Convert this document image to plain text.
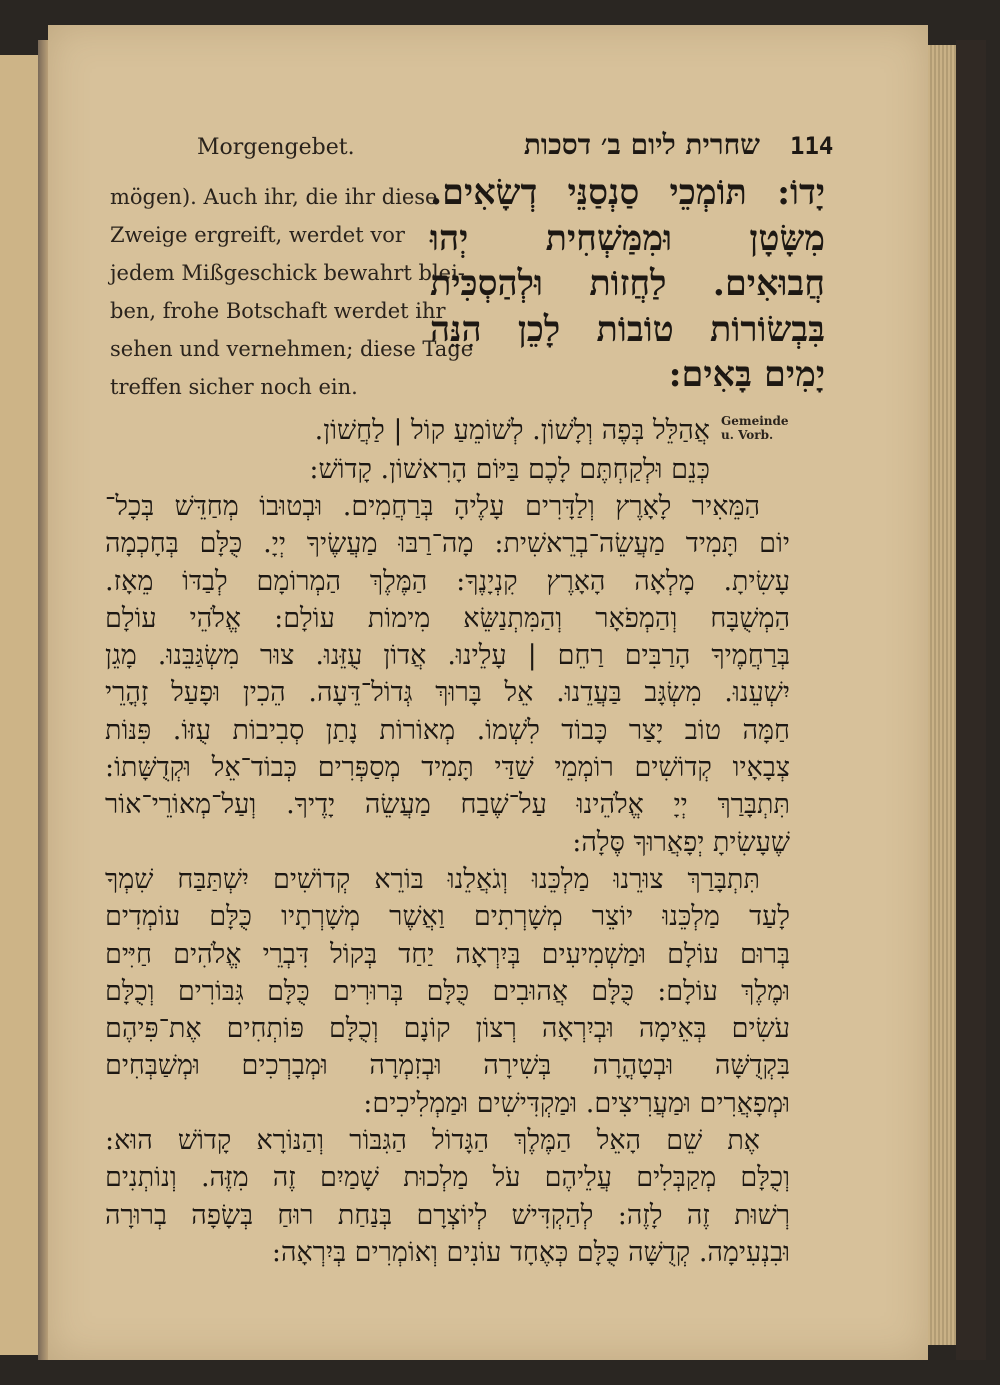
Morgengebet.	שחרית ליום ב׳ דסכות 114
mögen). Auch ihr, die ihr diese
Zweige ergreift, werdet vor
jedem Mißgeschick bewahrt blei-
ben, frohe Botschaft werdet ihr
sehen und vernehmen; diese Tage
treffen sicher noch ein.
יָדוֹ: תּוֹמְכֵי סַנְסַנֵּי דְשָׂאִים.
מִשָּׂטָן וּמִמַּשְׁחִית יְהוּ
חֲבוּאִים. לַחֲזוֹת וּלְהַסְכִּית
בִּבְשׂוֹרוֹת טוֹבוֹת לָכֵן הִנֵּה
יָמִים בָּאִים:
Gemeinde
u. Vorb.
אֲהַלֵּל בְּפֶה וְלָשׁוֹן. לְשׁוֹמֵעַ קוֹל | לַחֲשׁוֹן.
כְּנֵם וּלְקַחְתֶּם לָכֶם בַּיּוֹם הָרִאשׁוֹן. קָדוֹשׁ:
הַמֵּאִיר לָאָרֶץ וְלַדָּרִים עָלֶיהָ בְּרַחֲמִים. וּבְטוּבוֹ מְחַדֵּשׁ בְּכָל־
יוֹם תָּמִיד מַעֲשֵׂה־בְרֵאשִׁית: מָה־רַבּוּ מַעֲשֶׂיךָ יְיָ. כֻּלָּם בְּחָכְמָה
עָשִׂיתָ. מָלְאָה הָאָרֶץ קִנְיָנֶךָ: הַמֶּלֶךְ הַמְרוֹמָם לְבַדּוֹ מֵאָז.
הַמְשֻׁבָּח וְהַמְפֹאָר וְהַמִּתְנַשֵּׂא מִימוֹת עוֹלָם: אֱלֹהֵי עוֹלָם
בְּרַחֲמֶיךָ הָרַבִּים רַחֵם | עָלֵינוּ. אֲדוֹן עֻזֵּנוּ. צוּר מִשְׂגַּבֵּנוּ. מָגֵן
יִשְׁעֵנוּ. מִשְׂגָּב בַּעֲדֵנוּ. אֵל בָּרוּךְ גְּדוֹל־דֵּעָה. הֵכִין וּפָעַל זָהֳרֵי
חַמָּה טוֹב יָצַר כָּבוֹד לִשְׁמוֹ. מְאוֹרוֹת נָתַן סְבִיבוֹת עֻזּוֹ. פִּנּוֹת
צְבָאָיו קְדוֹשִׁים רוֹמְמֵי שַׁדַּי תָּמִיד מְסַפְּרִים כְּבוֹד־אֵל וּקְדֻשָּׁתוֹ:
תִּתְבָּרַךְ יְיָ אֱלֹהֵינוּ עַל־שֶׁבַח מַעֲשֵׂה יָדֶיךָ. וְעַל־מְאוֹרֵי־אוֹר
שֶׁעָשִׂיתָ יְפָאֲרוּךָ סֶּלָה:
תִּתְבָּרַךְ צוּרֵנוּ מַלְכֵּנוּ וְגֹאֲלֵנוּ בּוֹרֵא קְדוֹשִׁים יִשְׁתַּבַּח שִׁמְךָ
לָעַד מַלְכֵּנוּ יוֹצֵר מְשָׁרְתִים וַאֲשֶׁר מְשָׁרְתָיו כֻּלָּם עוֹמְדִים
בְּרוּם עוֹלָם וּמַשְׁמִיעִים בְּיִרְאָה יַחַד בְּקוֹל דִּבְרֵי אֱלֹהִים חַיִּים
וּמֶלֶךְ עוֹלָם: כֻּלָּם אֲהוּבִים כֻּלָּם בְּרוּרִים כֻּלָּם גִּבּוֹרִים וְכֻלָּם
עֹשִׂים בְּאֵימָה וּבְיִרְאָה רְצוֹן קוֹנָם וְכֻלָּם פּוֹתְחִים אֶת־פִּיהֶם
בִּקְדֻשָּׁה וּבְטָהֳרָה בְּשִׁירָה וּבְזִמְרָה וּמְבָרְכִים וּמְשַׁבְּחִים
וּמְפָאֲרִים וּמַעֲרִיצִים. וּמַקְדִּישִׁים וּמַמְלִיכִים:
אֶת שֵׁם הָאֵל הַמֶּלֶךְ הַגָּדוֹל הַגִּבּוֹר וְהַנּוֹרָא קָדוֹשׁ הוּא:
וְכֻלָּם מְקַבְּלִים עֲלֵיהֶם עֹל מַלְכוּת שָׁמַיִם זֶה מִזֶּה. וְנוֹתְנִים
רְשׁוּת זֶה לָזֶה: לְהַקְדִּישׁ לְיוֹצְרָם בְּנַחַת רוּחַ בְּשָׂפָה בְרוּרָה
וּבִנְעִימָה. קְדֻשָּׁה כֻּלָּם כְּאֶחָד עוֹנִים וְאוֹמְרִים בְּיִרְאָה:
